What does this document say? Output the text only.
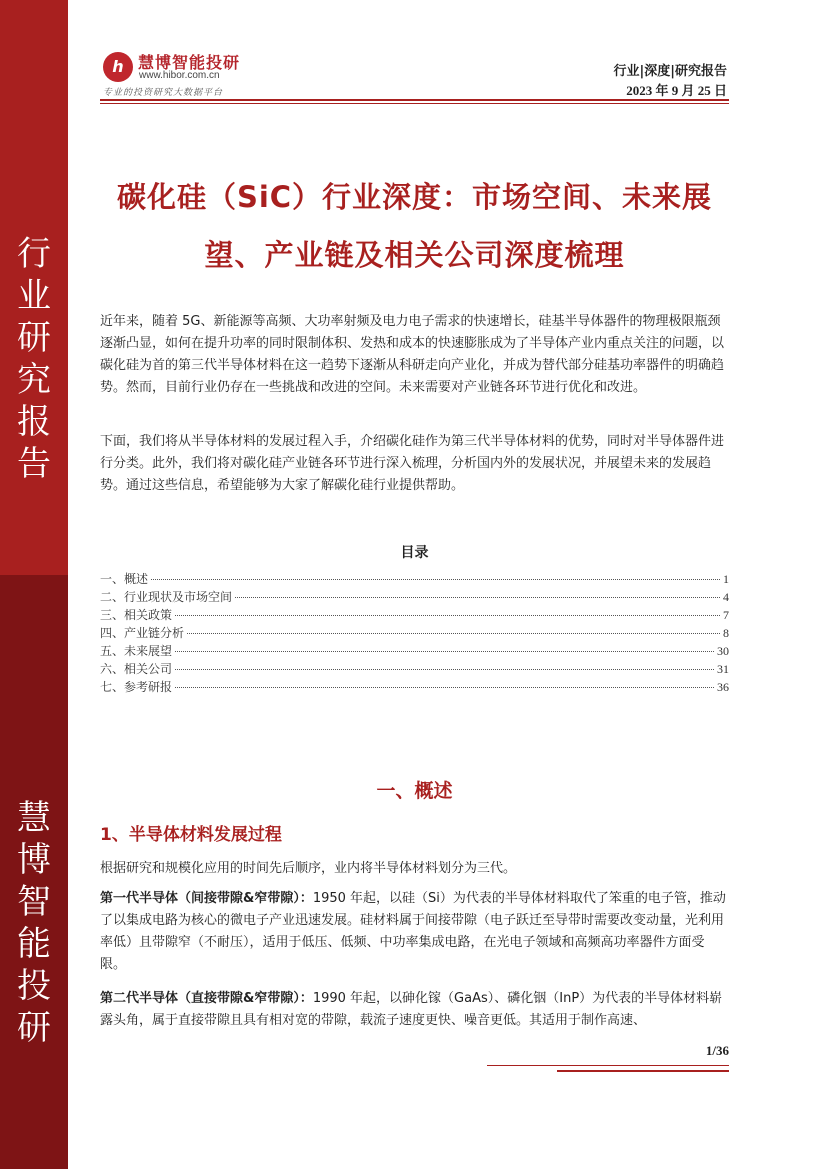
行业研究报告
慧博智能投研
h 慧博智能投研
www.hibor.com.cn
专业的投资研究大数据平台
行业|深度|研究报告
2023 年 9 月 25 日
碳化硅（SiC）行业深度：市场空间、未来展望、产业链及相关公司深度梳理
近年来，随着 5G、新能源等高频、大功率射频及电力电子需求的快速增长，硅基半导体器件的物理极限瓶颈逐渐凸显，如何在提升功率的同时限制体积、发热和成本的快速膨胀成为了半导体产业内重点关注的问题，以碳化硅为首的第三代半导体材料在这一趋势下逐渐从科研走向产业化，并成为替代部分硅基功率器件的明确趋势。然而，目前行业仍存在一些挑战和改进的空间。未来需要对产业链各环节进行优化和改进。
下面，我们将从半导体材料的发展过程入手，介绍碳化硅作为第三代半导体材料的优势，同时对半导体器件进行分类。此外，我们将对碳化硅产业链各环节进行深入梳理，分析国内外的发展状况，并展望未来的发展趋势。通过这些信息，希望能够为大家了解碳化硅行业提供帮助。
目录
一、概述	1
二、行业现状及市场空间	4
三、相关政策	7
四、产业链分析	8
五、未来展望	30
六、相关公司	31
七、参考研报	36
一、概述
1、半导体材料发展过程
根据研究和规模化应用的时间先后顺序，业内将半导体材料划分为三代。
第一代半导体（间接带隙&窄带隙）：1950 年起，以硅（Si）为代表的半导体材料取代了笨重的电子管，推动了以集成电路为核心的微电子产业迅速发展。硅材料属于间接带隙（电子跃迁至导带时需要改变动量，光利用率低）且带隙窄（不耐压），适用于低压、低频、中功率集成电路，在光电子领域和高频高功率器件方面受限。
第二代半导体（直接带隙&窄带隙）：1990 年起，以砷化镓（GaAs）、磷化铟（InP）为代表的半导体材料崭露头角，属于直接带隙且具有相对宽的带隙，载流子速度更快、噪音更低。其适用于制作高速、
1/36
